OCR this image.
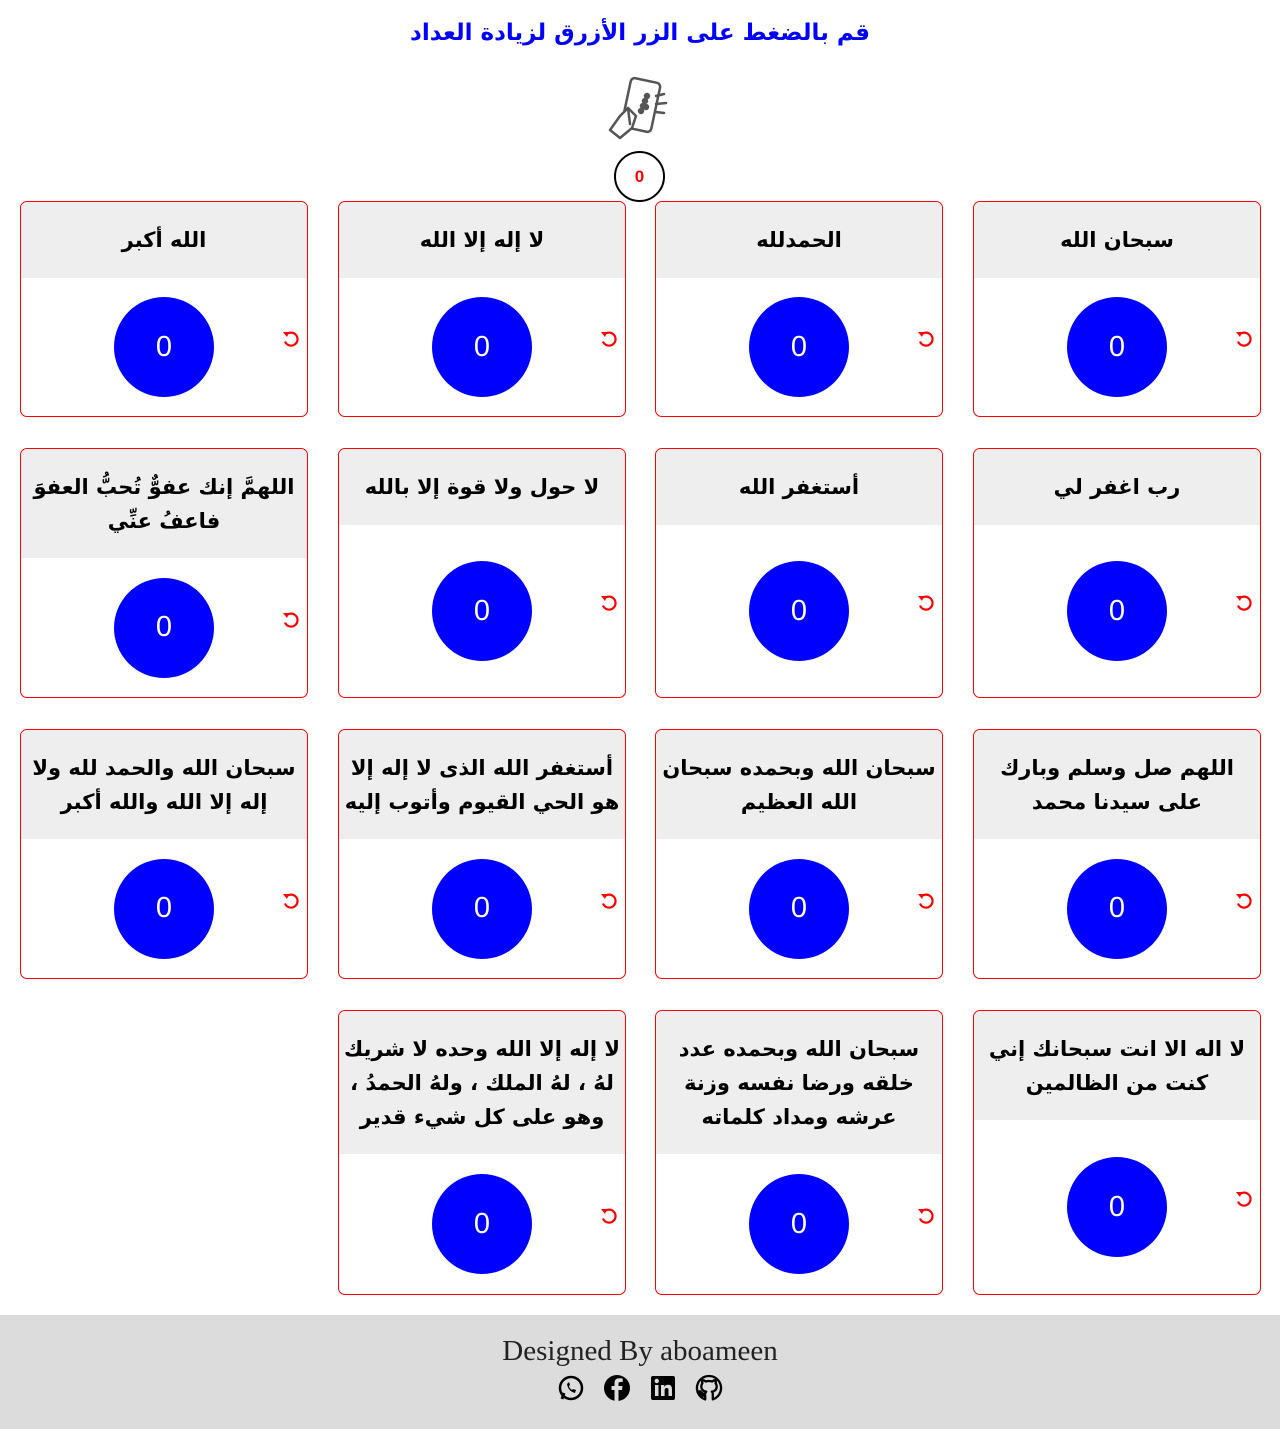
قم بالضغط على الزر الأزرق لزيادة العداد
0
سبحان الله
0
الحمدلله
0
لا إله إلا الله
0
الله أكبر
0
رب اغفر لي
0
أستغفر الله
0
لا حول ولا قوة إلا بالله
0
اللهمَّ إنك عفوٌّ تُحبُّ العفوَ فاعفُ عنِّي
0
اللهم صل وسلم وبارك على سيدنا محمد
0
سبحان الله وبحمده سبحان الله العظيم
0
أستغفر الله الذى لا إله إلا هو الحي القيوم وأتوب إليه
0
سبحان الله والحمد لله ولا إله إلا الله والله أكبر
0
لا اله الا انت سبحانك إني كنت من الظالمين
0
سبحان الله وبحمده عدد خلقه ورضا نفسه وزنة عرشه ومداد كلماته
0
لا إله إلا الله وحده لا شريك لهُ ، لهُ الملك ، ولهُ الحمدُ ، وهو على كل شيء قدير
0
Designed By aboameen
